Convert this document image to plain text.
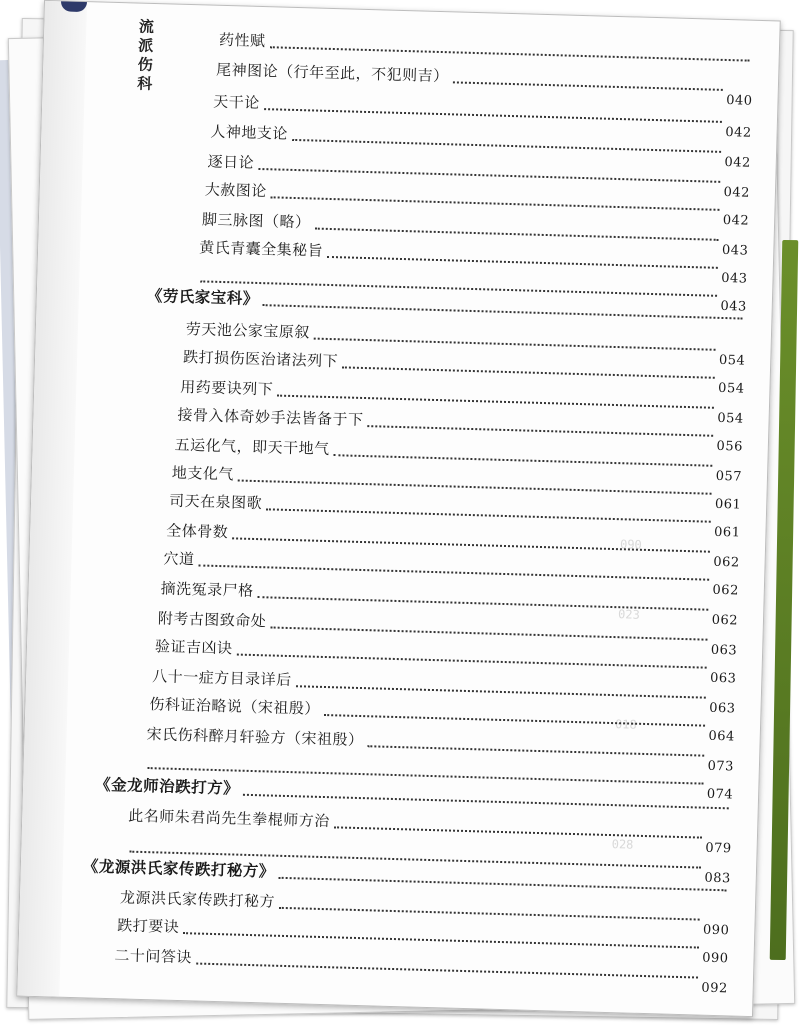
流派伤科
090
023
018
028
药性赋
尾神图论（行年至此，不犯则吉）
040
天干论
042
人神地支论
042
逐日论
042
大赦图论
042
脚三脉图（略）
043
黄氏青囊全集秘旨
043
043
《劳氏家宝科》
劳天池公家宝原叙
054
跌打损伤医治诸法列下
054
用药要诀列下
054
接骨入体奇妙手法皆备于下
056
五运化气，即天干地气
057
地支化气
061
司天在泉图歌
061
全体骨数
062
穴道
062
摘洗冤录尸格
062
附考古图致命处
063
验证吉凶诀
063
八十一症方目录详后
063
伤科证治略说（宋祖殷）
064
宋氏伤科醉月轩验方（宋祖殷）
073
074
《金龙师治跌打方》
此名师朱君尚先生拳棍师方治
079
083
《龙源洪氏家传跌打秘方》
龙源洪氏家传跌打秘方
090
跌打要诀
090
二十问答诀
092
